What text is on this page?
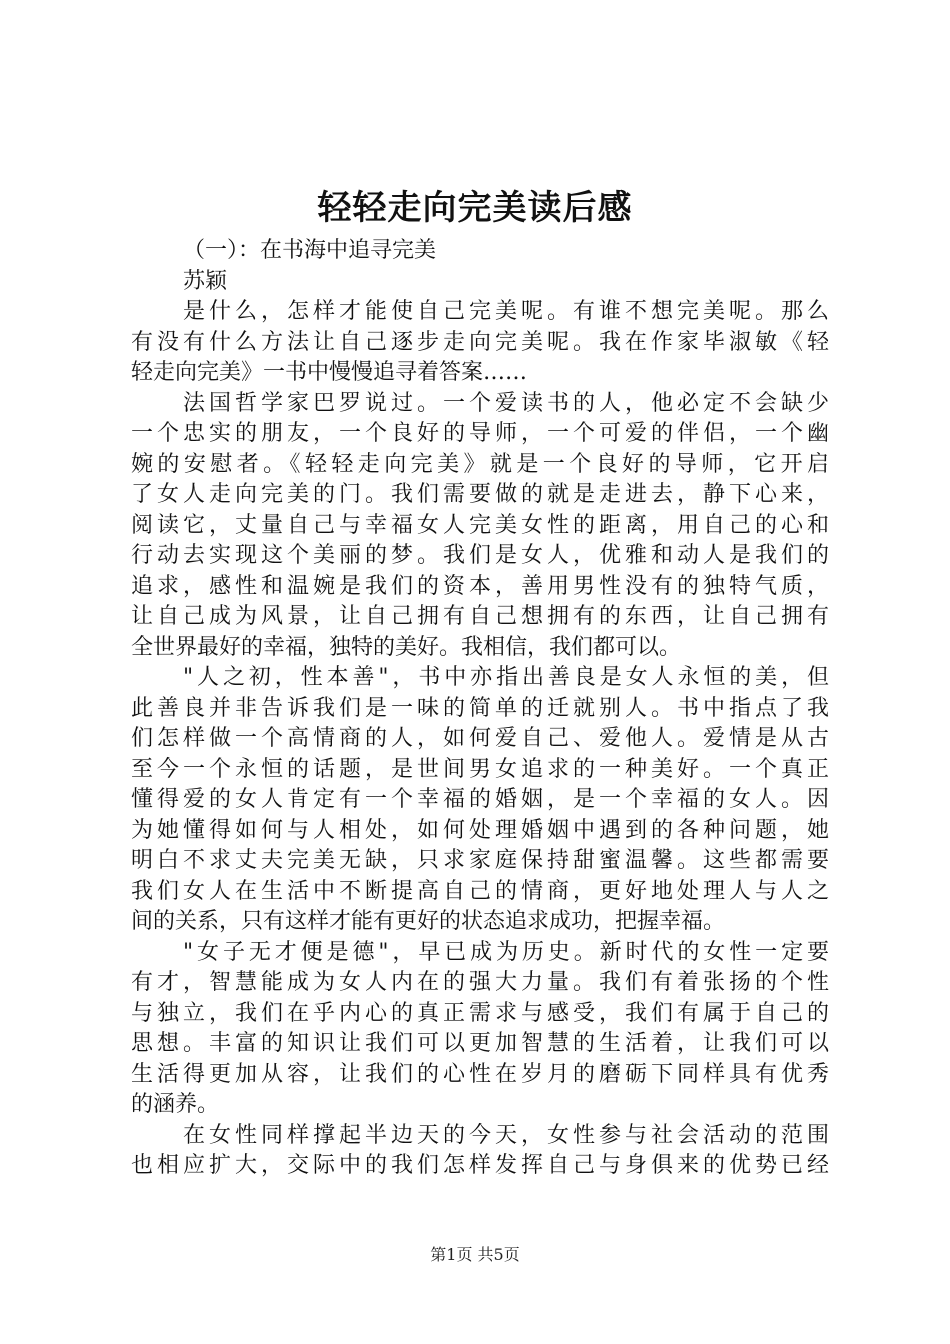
轻轻走向完美读后感
（一）：在书海中追寻完美
苏颖
是什么，怎样才能使自己完美呢。有谁不想完美呢。那么
有没有什么方法让自己逐步走向完美呢。我在作家毕淑敏《轻
轻走向完美》一书中慢慢追寻着答案……
法国哲学家巴罗说过。一个爱读书的人，他必定不会缺少
一个忠实的朋友，一个良好的导师，一个可爱的伴侣，一个幽
婉的安慰者。《轻轻走向完美》就是一个良好的导师，它开启
了女人走向完美的门。我们需要做的就是走进去，静下心来，
阅读它，丈量自己与幸福女人完美女性的距离，用自己的心和
行动去实现这个美丽的梦。我们是女人，优雅和动人是我们的
追求，感性和温婉是我们的资本，善用男性没有的独特气质，
让自己成为风景，让自己拥有自己想拥有的东西，让自己拥有
全世界最好的幸福，独特的美好。我相信，我们都可以。
"人之初，性本善"，书中亦指出善良是女人永恒的美，但
此善良并非告诉我们是一味的简单的迁就别人。书中指点了我
们怎样做一个高情商的人，如何爱自己、爱他人。爱情是从古
至今一个永恒的话题，是世间男女追求的一种美好。一个真正
懂得爱的女人肯定有一个幸福的婚姻，是一个幸福的女人。因
为她懂得如何与人相处，如何处理婚姻中遇到的各种问题，她
明白不求丈夫完美无缺，只求家庭保持甜蜜温馨。这些都需要
我们女人在生活中不断提高自己的情商，更好地处理人与人之
间的关系，只有这样才能有更好的状态追求成功，把握幸福。
"女子无才便是德"，早已成为历史。新时代的女性一定要
有才，智慧能成为女人内在的强大力量。我们有着张扬的个性
与独立，我们在乎内心的真正需求与感受，我们有属于自己的
思想。丰富的知识让我们可以更加智慧的生活着，让我们可以
生活得更加从容，让我们的心性在岁月的磨砺下同样具有优秀
的涵养。
在女性同样撑起半边天的今天，女性参与社会活动的范围
也相应扩大，交际中的我们怎样发挥自己与身俱来的优势已经
第1页 共5页
